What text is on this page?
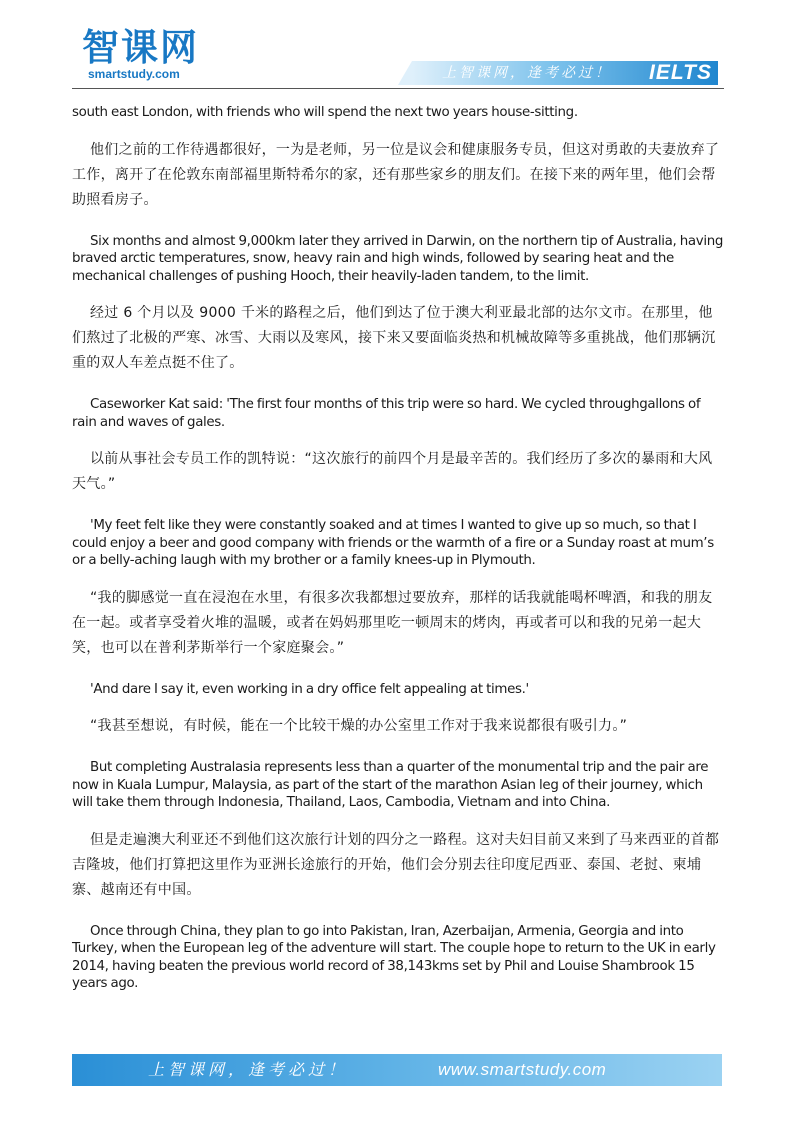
智课网
smartstudy.com	上智课网，逢考必过！ IELTS

south east London, with friends who will spend the next two years house-sitting.

他们之前的工作待遇都很好，一为是老师，另一位是议会和健康服务专员，但这对勇敢的夫妻放弃了工作，离开了在伦敦东南部福里斯特希尔的家，还有那些家乡的朋友们。在接下来的两年里，他们会帮助照看房子。

Six months and almost 9,000km later they arrived in Darwin, on the northern tip of Australia, having braved arctic temperatures, snow, heavy rain and high winds, followed by searing heat and the mechanical challenges of pushing Hooch, their heavily-laden tandem, to the limit.

经过 6 个月以及 9000 千米的路程之后，他们到达了位于澳大利亚最北部的达尔文市。在那里，他们熬过了北极的严寒、冰雪、大雨以及寒风，接下来又要面临炎热和机械故障等多重挑战，他们那辆沉重的双人车差点挺不住了。

Caseworker Kat said: 'The first four months of this trip were so hard. We cycled throughgallons of rain and waves of gales.

以前从事社会专员工作的凯特说：“这次旅行的前四个月是最辛苦的。我们经历了多次的暴雨和大风天气。”

'My feet felt like they were constantly soaked and at times I wanted to give up so much, so that I could enjoy a beer and good company with friends or the warmth of a fire or a Sunday roast at mum’s or a belly-aching laugh with my brother or a family knees-up in Plymouth.

“我的脚感觉一直在浸泡在水里，有很多次我都想过要放弃，那样的话我就能喝杯啤酒，和我的朋友在一起。或者享受着火堆的温暖，或者在妈妈那里吃一顿周末的烤肉，再或者可以和我的兄弟一起大笑，也可以在普利茅斯举行一个家庭聚会。”

'And dare I say it, even working in a dry office felt appealing at times.'

“我甚至想说，有时候，能在一个比较干燥的办公室里工作对于我来说都很有吸引力。”

But completing Australasia represents less than a quarter of the monumental trip and the pair are now in Kuala Lumpur, Malaysia, as part of the start of the marathon Asian leg of their journey, which will take them through Indonesia, Thailand, Laos, Cambodia, Vietnam and into China.

但是走遍澳大利亚还不到他们这次旅行计划的四分之一路程。这对夫妇目前又来到了马来西亚的首都吉隆坡，他们打算把这里作为亚洲长途旅行的开始，他们会分别去往印度尼西亚、泰国、老挝、柬埔寨、越南还有中国。

Once through China, they plan to go into Pakistan, Iran, Azerbaijan, Armenia, Georgia and into Turkey, when the European leg of the adventure will start. The couple hope to return to the UK in early 2014, having beaten the previous world record of 38,143kms set by Phil and Louise Shambrook 15 years ago.

上智课网，逢考必过！	www.smartstudy.com
